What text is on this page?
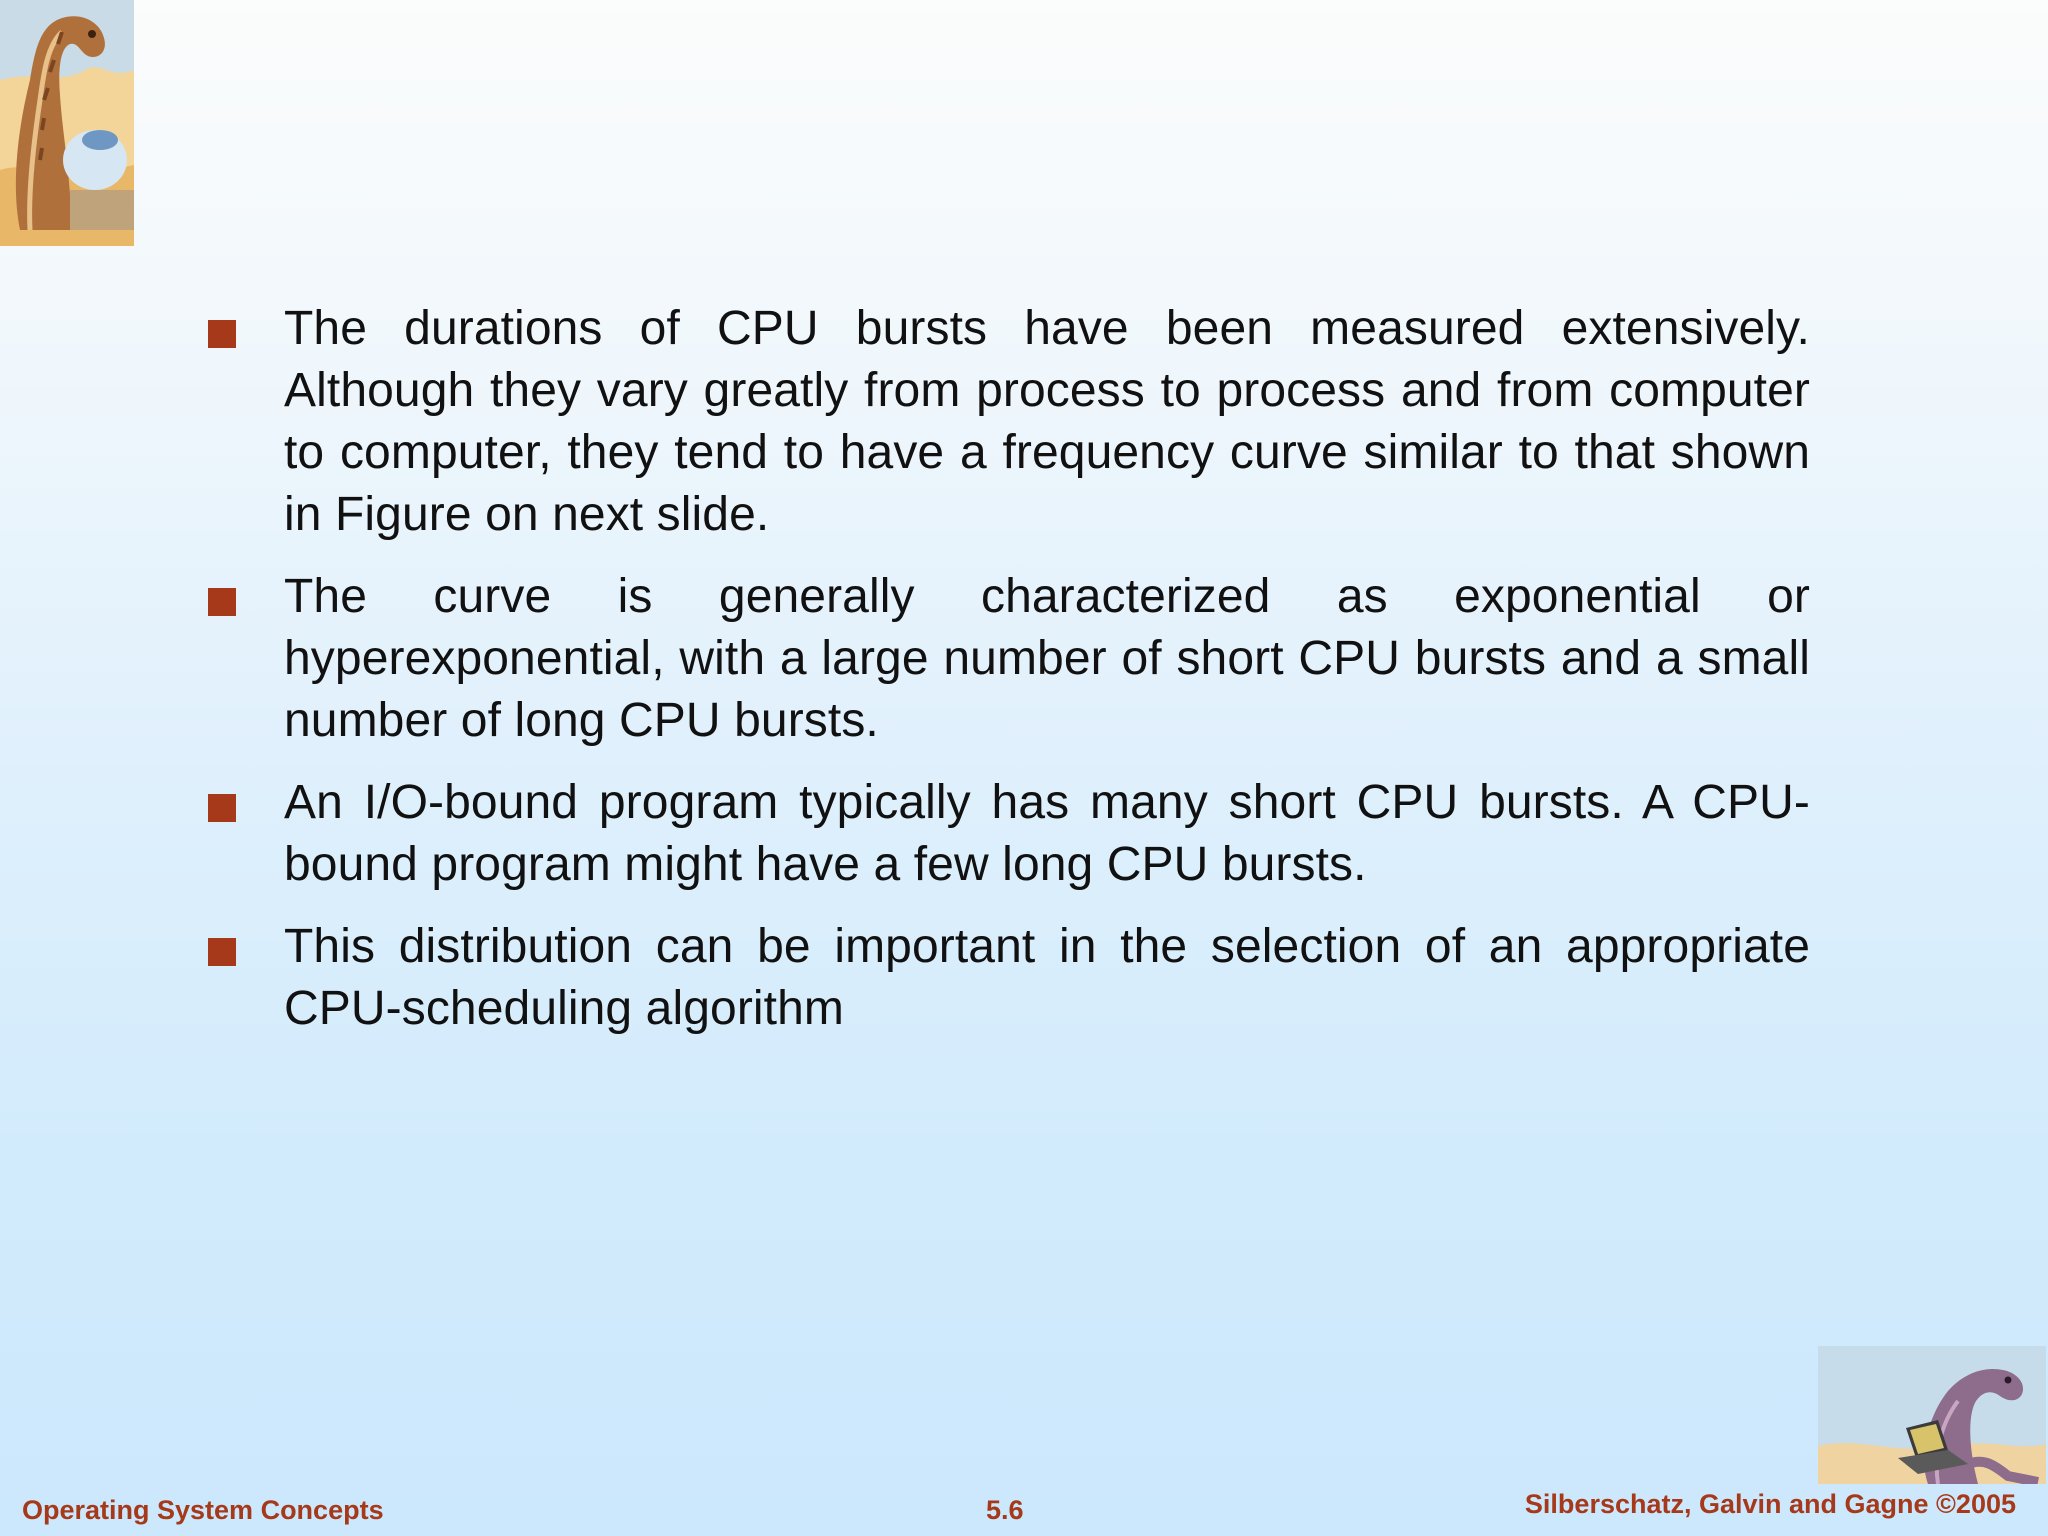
The durations of CPU bursts have been measured extensively. Although they vary greatly from process to process and from computer to computer, they tend to have a frequency curve similar to that shown in Figure on next slide.
The curve is generally characterized as exponential or hyperexponential, with a large number of short CPU bursts and a small number of long CPU bursts.
An I/O-bound program typically has many short CPU bursts. A CPU-bound program might have a few long CPU bursts.
This distribution can be important in the selection of an appropriate CPU-scheduling algorithm
Operating System Concepts	5.6	Silberschatz, Galvin and Gagne ©2005
